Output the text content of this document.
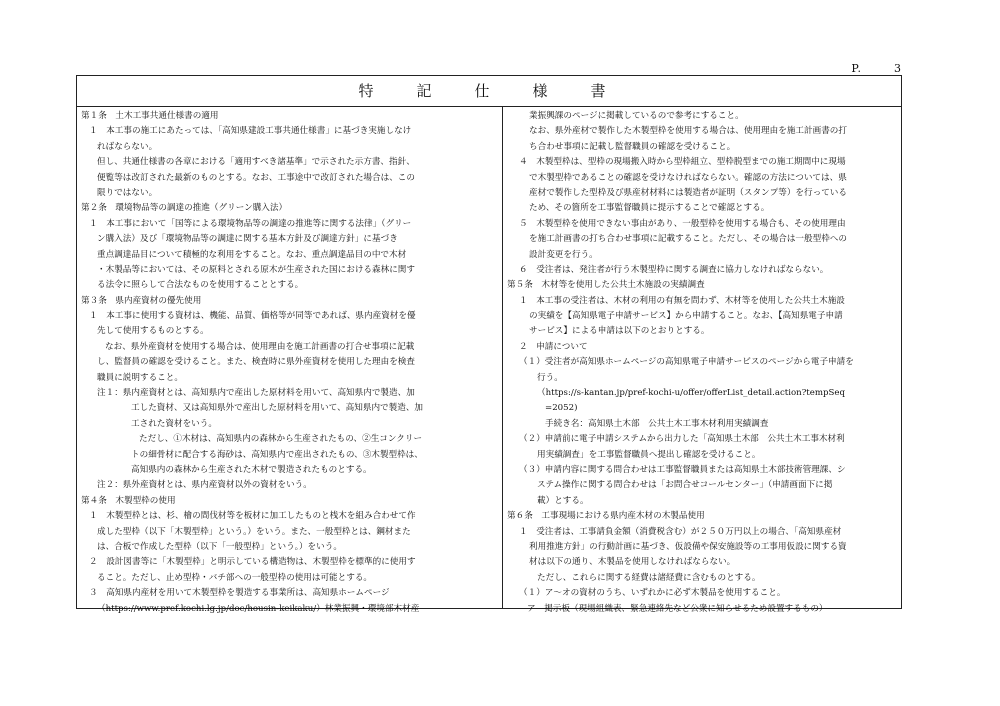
P.	3
特　記　仕　様　書
第１条　土木工事共通仕様書の適用
１　本工事の施工にあたっては、「高知県建設工事共通仕様書」に基づき実施しなけ
ればならない。
但し、共通仕様書の各章における「適用すべき諸基準」で示された示方書、指針、
便覧等は改訂された最新のものとする。なお、工事途中で改訂された場合は、この
限りではない。
第２条　環境物品等の調達の推進（グリーン購入法）
１　本工事において「国等による環境物品等の調達の推進等に関する法律」（グリー
ン購入法）及び「環境物品等の調達に関する基本方針及び調達方針」に基づき
重点調達品目について積極的な利用をすること。なお、重点調達品目の中で木材
・木製品等においては、その原料とされる原木が生産された国における森林に関す
る法令に照らして合法なものを使用することとする。
第３条　県内産資材の優先使用
１　本工事に使用する資材は、機能、品質、価格等が同等であれば、県内産資材を優
先して使用するものとする。
なお、県外産資材を使用する場合は、使用理由を施工計画書の打合せ事項に記載
し、監督員の確認を受けること。また、検査時に県外産資材を使用した理由を検査
職員に説明すること。
注１：県内産資材とは、高知県内で産出した原材料を用いて、高知県内で製造、加
工した資材、又は高知県外で産出した原材料を用いて、高知県内で製造、加
工された資材をいう。
ただし、①木材は、高知県内の森林から生産されたもの、②生コンクリー
トの細骨材に配合する海砂は、高知県内で産出されたもの、③木製型枠は、
高知県内の森林から生産された木材で製造されたものとする。
注２：県外産資材とは、県内産資材以外の資材をいう。
第４条　木製型枠の使用
１　木製型枠とは、杉、檜の間伐材等を板材に加工したものと桟木を組み合わせて作
成した型枠（以下「木製型枠」という。）をいう。また、一般型枠とは、鋼材また
は、合板で作成した型枠（以下「一般型枠」という。）をいう。
２　設計図書等に「木製型枠」と明示している構造物は、木製型枠を標準的に使用す
ること。ただし、止め型枠・バチ部への一般型枠の使用は可能とする。
３　高知県内産材を用いて木製型枠を製造する事業所は、高知県ホームページ
（https://www.pref.kochi.lg.jp/doc/housin-keikaku/）林業振興・環境部木材産
業振興課のページに掲載しているので参考にすること。
なお、県外産材で製作した木製型枠を使用する場合は、使用理由を施工計画書の打
ち合わせ事項に記載し監督職員の確認を受けること。
４　木製型枠は、型枠の現場搬入時から型枠組立、型枠脱型までの施工期間中に現場
で木製型枠であることの確認を受けなければならない。確認の方法については、県
産材で製作した型枠及び県産材材料には製造者が証明（スタンプ等）を行っている
ため、その箇所を工事監督職員に提示することで確認とする。
５　木製型枠を使用できない事由があり、一般型枠を使用する場合も、その使用理由
を施工計画書の打ち合わせ事項に記載すること。ただし、その場合は一般型枠への
設計変更を行う。
６　受注者は、発注者が行う木製型枠に関する調査に協力しなければならない。
第５条　木材等を使用した公共土木施設の実績調査
１　本工事の受注者は、木材の利用の有無を問わず、木材等を使用した公共土木施設
の実績を【高知県電子申請サービス】から申請すること。なお、【高知県電子申請
サービス】による申請は以下のとおりとする。
２　申請について
（１）受注者が高知県ホームページの高知県電子申請サービスのページから電子申請を
行う。
（https://s-kantan.jp/pref-kochi-u/offer/offerList_detail.action?tempSeq
=2052)
手続き名：高知県土木部　公共土木工事木材利用実績調査
（２）申請前に電子申請システムから出力した「高知県土木部　公共土木工事木材利
用実績調査」を工事監督職員へ提出し確認を受けること。
（３）申請内容に関する問合わせは工事監督職員または高知県土木部技術管理課、シ
ステム操作に関する問合わせは「お問合せコールセンター」（申請画面下に掲
載）とする。
第６条　工事現場における県内産木材の木製品使用
１　受注者は、工事請負金額（消費税含む）が２５０万円以上の場合、「高知県産材
利用推進方針」の行動計画に基づき、仮設備や保安施設等の工事用仮設に関する資
材は以下の通り、木製品を使用しなければならない。
ただし、これらに関する経費は諸経費に含むものとする。
（１）ア〜オの資材のうち、いずれかに必ず木製品を使用すること。
ア　掲示板（現場組織表、緊急連絡先など公衆に知らせるため設置するもの）
